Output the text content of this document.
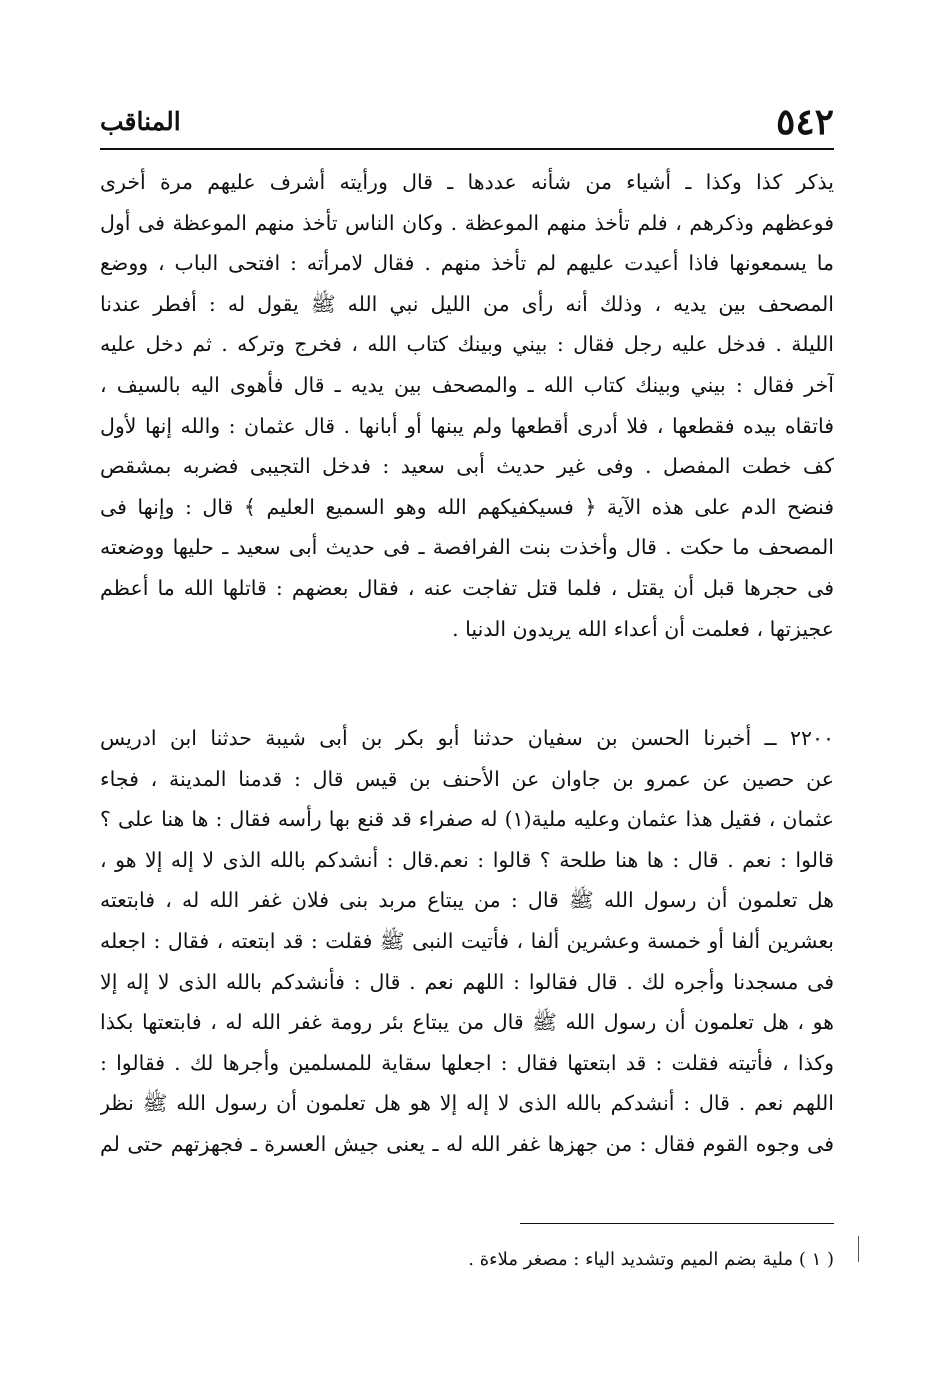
٥٤٢
المناقب
يذكر كذا وكذا ـ أشياء من شأنه عددها ـ قال ورأيته أشرف عليهم مرة أخرى
فوعظهم وذكرهم ، فلم تأخذ منهم الموعظة . وكان الناس تأخذ منهم الموعظة فى أول
ما يسمعونها فاذا أعيدت عليهم لم تأخذ منهم . فقال لامرأته : افتحى الباب ، ووضع
المصحف بين يديه ، وذلك أنه رأى من الليل نبي الله ﷺ يقول له : أفطر عندنا
الليلة . فدخل عليه رجل فقال : بيني وبينك كتاب الله ، فخرج وتركه . ثم دخل عليه
آخر فقال : بيني وبينك كتاب الله ـ والمصحف بين يديه ـ قال فأهوى اليه بالسيف ،
فاتقاه بيده فقطعها ، فلا أدرى أقطعها ولم يبنها أو أبانها . قال عثمان : والله إنها لأول
كف خطت المفصل . وفى غير حديث أبى سعيد : فدخل التجيبى فضربه بمشقص
فنضح الدم على هذه الآية ﴿ فسيكفيكهم الله وهو السميع العليم ﴾ قال : وإنها فى
المصحف ما حكت . قال وأخذت بنت الفرافصة ـ فى حديث أبى سعيد ـ حليها ووضعته
فى حجرها قبل أن يقتل ، فلما قتل تفاجت عنه ، فقال بعضهم : قاتلها الله ما أعظم
عجيزتها ، فعلمت أن أعداء الله يريدون الدنيا .
٢٢٠٠ ــ أخبرنا الحسن بن سفيان حدثنا أبو بكر بن أبى شيبة حدثنا ابن ادريس
عن حصين عن عمرو بن جاوان عن الأحنف بن قيس قال : قدمنا المدينة ، فجاء
عثمان ، فقيل هذا عثمان وعليه ملية(١) له صفراء قد قنع بها رأسه فقال : ها هنا على ؟
قالوا : نعم . قال : ها هنا طلحة ؟ قالوا : نعم.قال : أنشدكم بالله الذى لا إله إلا هو ،
هل تعلمون أن رسول الله ﷺ قال : من يبتاع مربد بنى فلان غفر الله له ، فابتعته
بعشرين ألفا أو خمسة وعشرين ألفا ، فأتيت النبى ﷺ فقلت : قد ابتعته ، فقال : اجعله
فى مسجدنا وأجره لك . قال فقالوا : اللهم نعم . قال : فأنشدكم بالله الذى لا إله إلا
هو ، هل تعلمون أن رسول الله ﷺ قال من يبتاع بئر رومة غفر الله له ، فابتعتها بكذا
وكذا ، فأتيته فقلت : قد ابتعتها فقال : اجعلها سقاية للمسلمين وأجرها لك . فقالوا :
اللهم نعم . قال : أنشدكم بالله الذى لا إله إلا هو هل تعلمون أن رسول الله ﷺ نظر
فى وجوه القوم فقال : من جهزها غفر الله له ـ يعنى جيش العسرة ـ فجهزتهم حتى لم
( ١ ) ملية بضم الميم وتشديد الياء : مصغر ملاءة .
